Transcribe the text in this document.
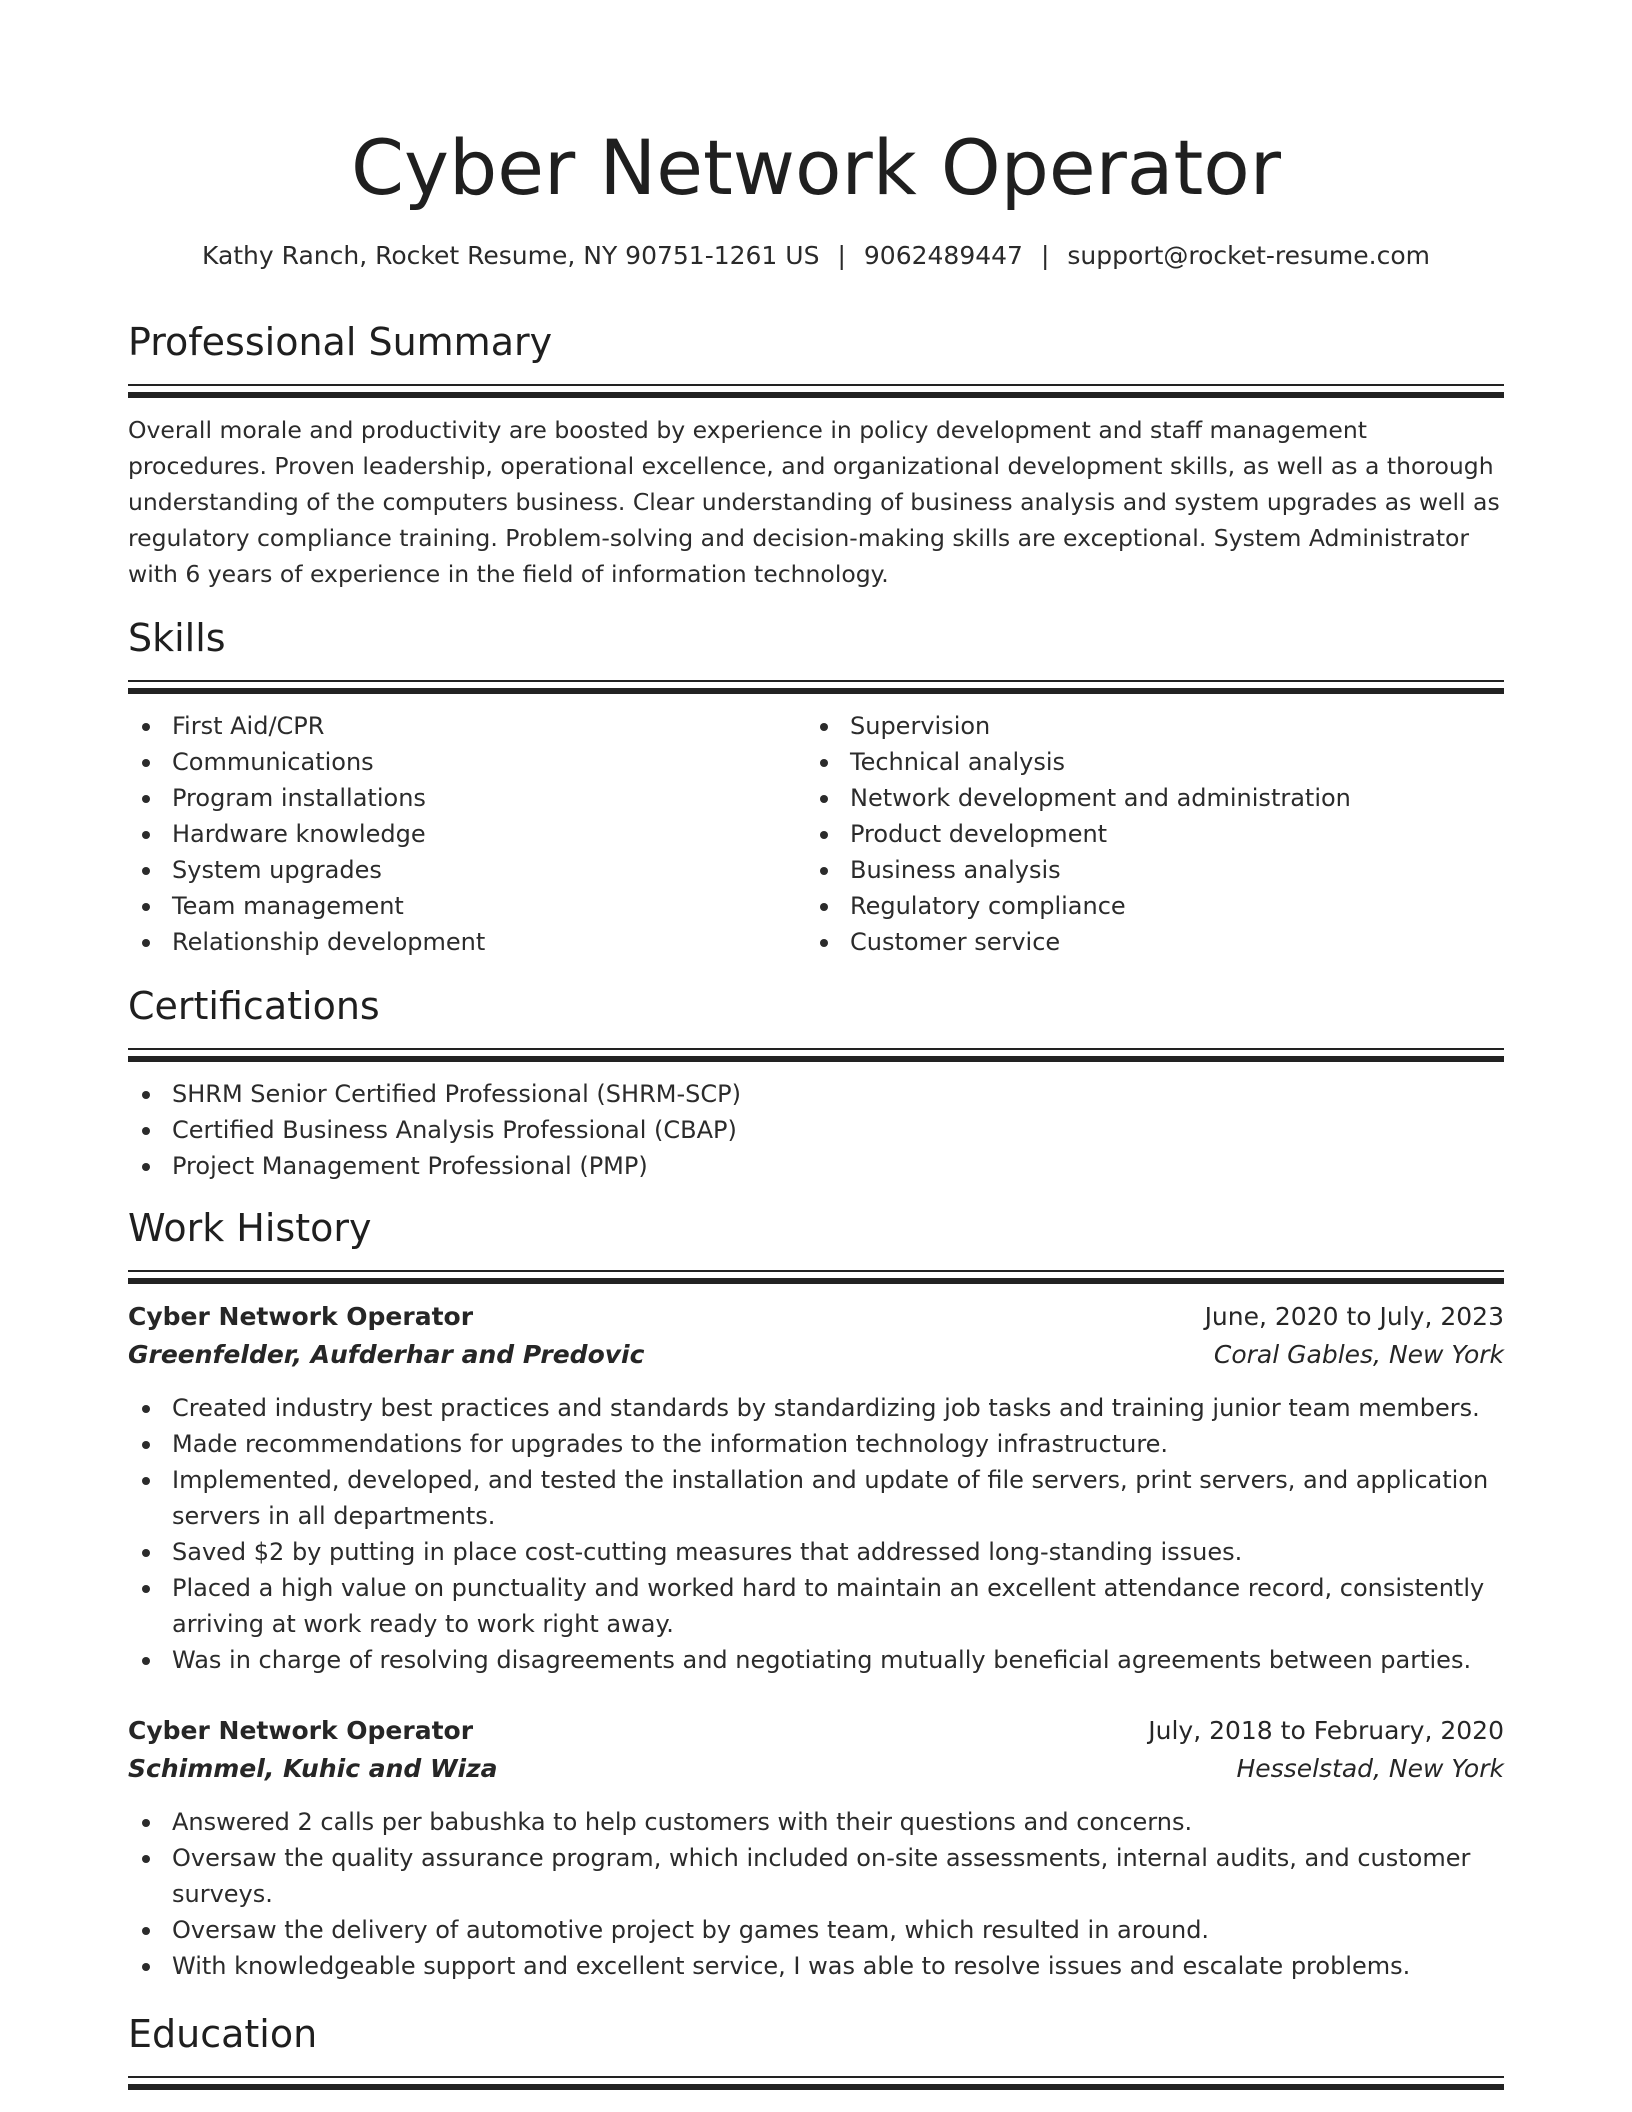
Cyber Network Operator
Kathy Ranch, Rocket Resume, NY 90751-1261 US | 9062489447 | support@rocket-resume.com
Professional Summary
Overall morale and productivity are boosted by experience in policy development and staff management procedures. Proven leadership, operational excellence, and organizational development skills, as well as a thorough understanding of the computers business. Clear understanding of business analysis and system upgrades as well as regulatory compliance training. Problem-solving and decision-making skills are exceptional. System Administrator with 6 years of experience in the field of information technology.
Skills
First Aid/CPR
Communications
Program installations
Hardware knowledge
System upgrades
Team management
Relationship development
Supervision
Technical analysis
Network development and administration
Product development
Business analysis
Regulatory compliance
Customer service
Certifications
SHRM Senior Certified Professional (SHRM-SCP)
Certified Business Analysis Professional (CBAP)
Project Management Professional (PMP)
Work History
Cyber Network Operator	June, 2020 to July, 2023
Greenfelder, Aufderhar and Predovic	Coral Gables, New York
Created industry best practices and standards by standardizing job tasks and training junior team members.
Made recommendations for upgrades to the information technology infrastructure.
Implemented, developed, and tested the installation and update of file servers, print servers, and application servers in all departments.
Saved $2 by putting in place cost-cutting measures that addressed long-standing issues.
Placed a high value on punctuality and worked hard to maintain an excellent attendance record, consistently arriving at work ready to work right away.
Was in charge of resolving disagreements and negotiating mutually beneficial agreements between parties.
Cyber Network Operator	July, 2018 to February, 2020
Schimmel, Kuhic and Wiza	Hesselstad, New York
Answered 2 calls per babushka to help customers with their questions and concerns.
Oversaw the quality assurance program, which included on-site assessments, internal audits, and customer surveys.
Oversaw the delivery of automotive project by games team, which resulted in around.
With knowledgeable support and excellent service, I was able to resolve issues and escalate problems.
Education
